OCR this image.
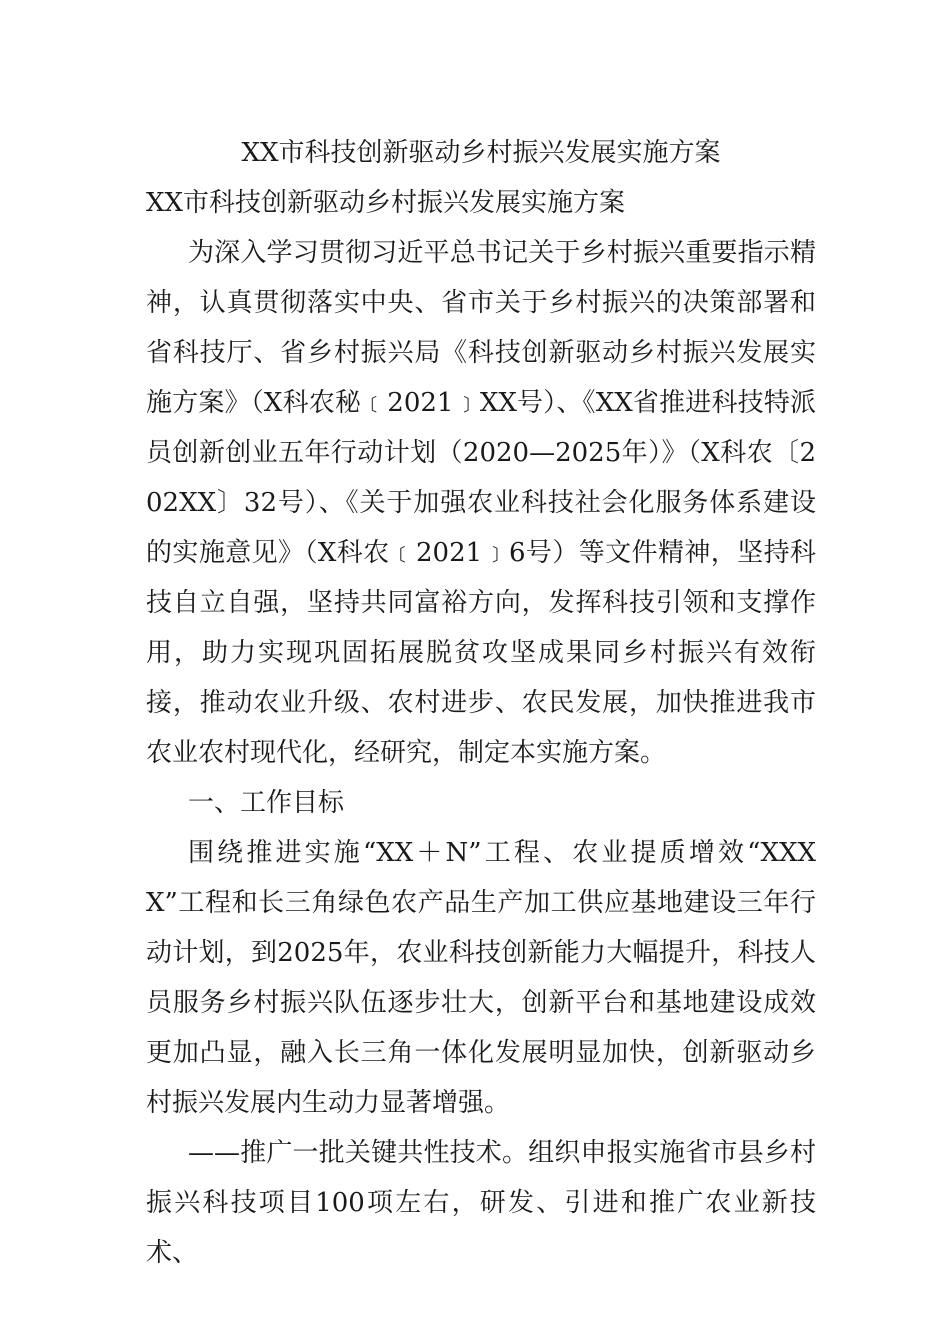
XX市科技创新驱动乡村振兴发展实施方案

XX市科技创新驱动乡村振兴发展实施方案

为深入学习贯彻习近平总书记关于乡村振兴重要指示精神，认真贯彻落实中央、省市关于乡村振兴的决策部署和省科技厅、省乡村振兴局《科技创新驱动乡村振兴发展实施方案》（X科农秘﹝2021﹞XX号）、《XX省推进科技特派员创新创业五年行动计划（2020—2025年）》（X科农〔202XX〕32号）、《关于加强农业科技社会化服务体系建设的实施意见》（X科农﹝2021﹞6号）等文件精神，坚持科技自立自强，坚持共同富裕方向，发挥科技引领和支撑作用，助力实现巩固拓展脱贫攻坚成果同乡村振兴有效衔接，推动农业升级、农村进步、农民发展，加快推进我市农业农村现代化，经研究，制定本实施方案。

一、工作目标

围绕推进实施“XX＋N”工程、农业提质增效“XXXX”工程和长三角绿色农产品生产加工供应基地建设三年行动计划，到2025年，农业科技创新能力大幅提升，科技人员服务乡村振兴队伍逐步壮大，创新平台和基地建设成效更加凸显，融入长三角一体化发展明显加快，创新驱动乡村振兴发展内生动力显著增强。

——推广一批关键共性技术。组织申报实施省市县乡村振兴科技项目100项左右，研发、引进和推广农业新技术、
